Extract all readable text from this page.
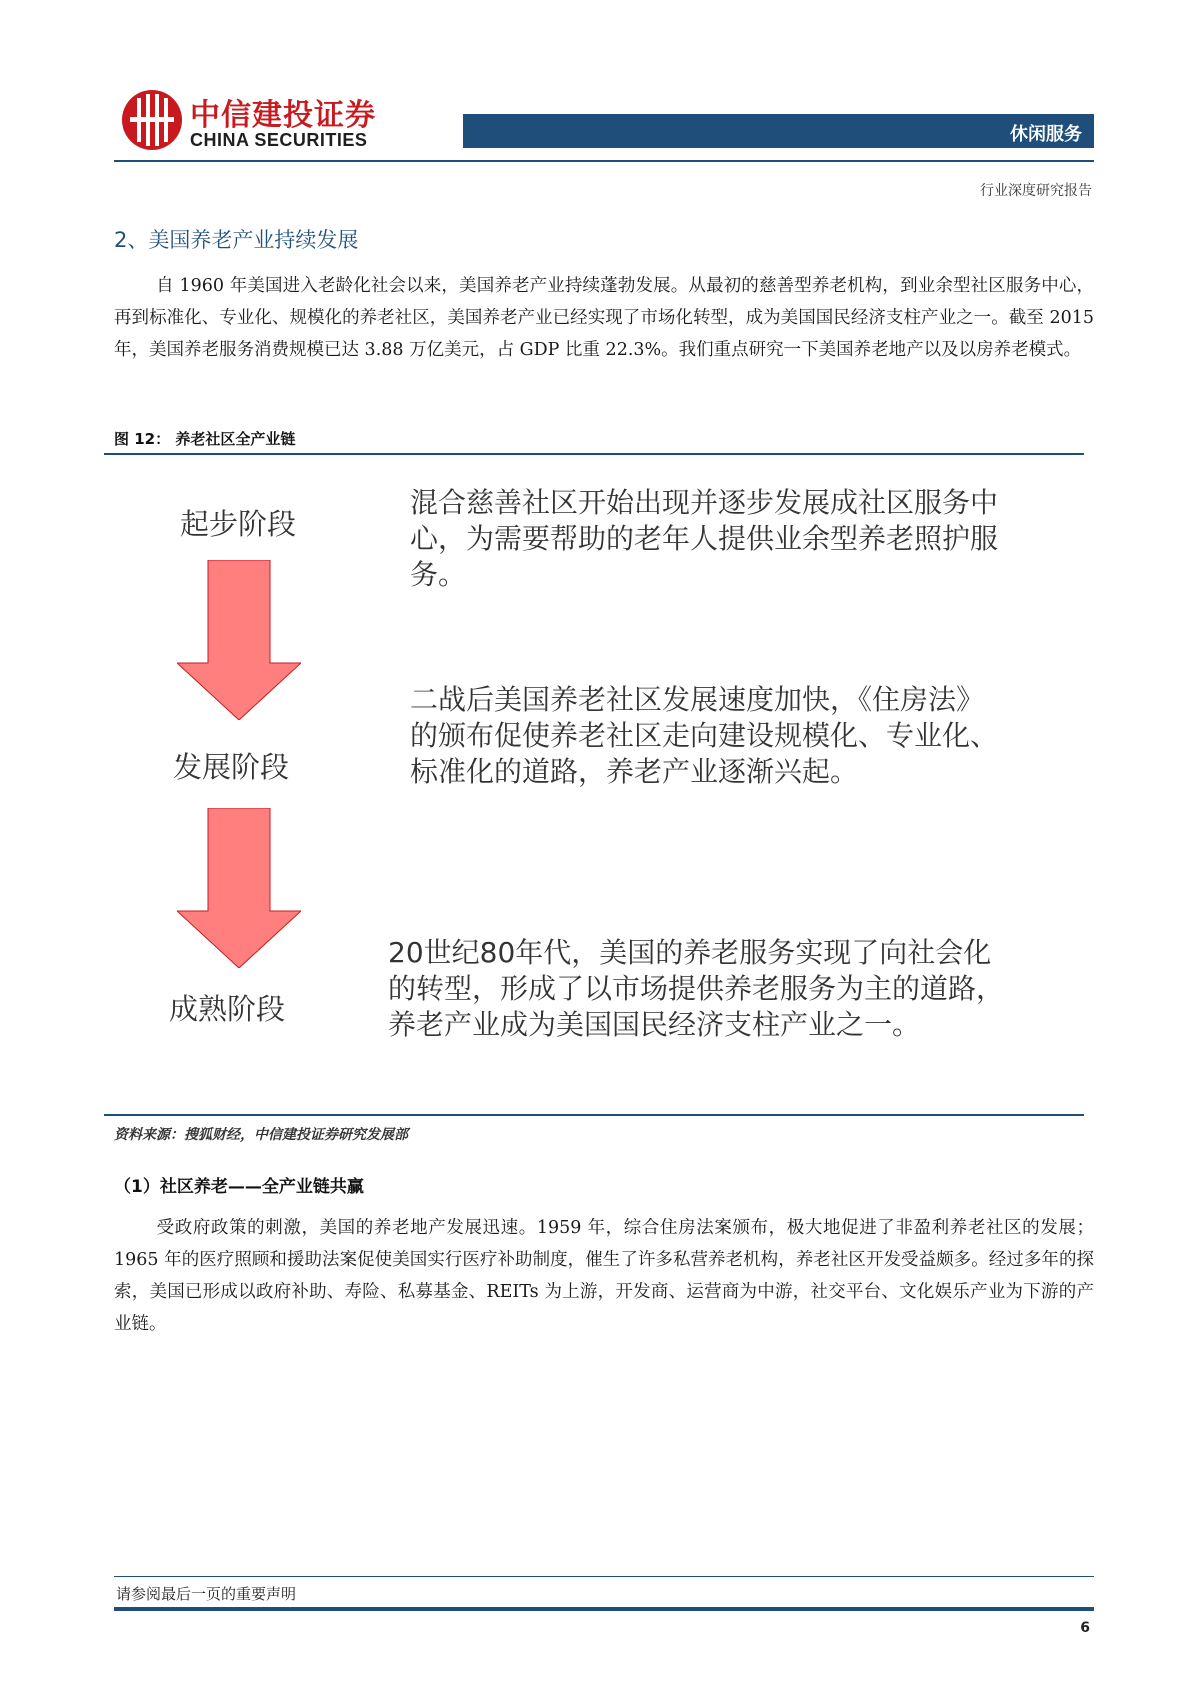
中信建投证券
CHINA SECURITIES	休闲服务
行业深度研究报告
2、美国养老产业持续发展
自 1960 年美国进入老龄化社会以来，美国养老产业持续蓬勃发展。从最初的慈善型养老机构，到业余型社区服务中心，再到标准化、专业化、规模化的养老社区，美国养老产业已经实现了市场化转型，成为美国国民经济支柱产业之一。截至 2015 年，美国养老服务消费规模已达 3.88 万亿美元，占 GDP 比重 22.3%。我们重点研究一下美国养老地产以及以房养老模式。
图 12： 养老社区全产业链
起步阶段
混合慈善社区开始出现并逐步发展成社区服务中心，为需要帮助的老年人提供业余型养老照护服务。
发展阶段
二战后美国养老社区发展速度加快，《住房法》的颁布促使养老社区走向建设规模化、专业化、标准化的道路，养老产业逐渐兴起。
成熟阶段
20世纪80年代，美国的养老服务实现了向社会化的转型，形成了以市场提供养老服务为主的道路，养老产业成为美国国民经济支柱产业之一。
资料来源：搜狐财经，中信建投证券研究发展部
（1）社区养老——全产业链共赢
受政府政策的刺激，美国的养老地产发展迅速。1959 年，综合住房法案颁布，极大地促进了非盈利养老社区的发展；1965 年的医疗照顾和援助法案促使美国实行医疗补助制度，催生了许多私营养老机构，养老社区开发受益颇多。经过多年的探索，美国已形成以政府补助、寿险、私募基金、REITs 为上游，开发商、运营商为中游，社交平台、文化娱乐产业为下游的产业链。
请参阅最后一页的重要声明
6
